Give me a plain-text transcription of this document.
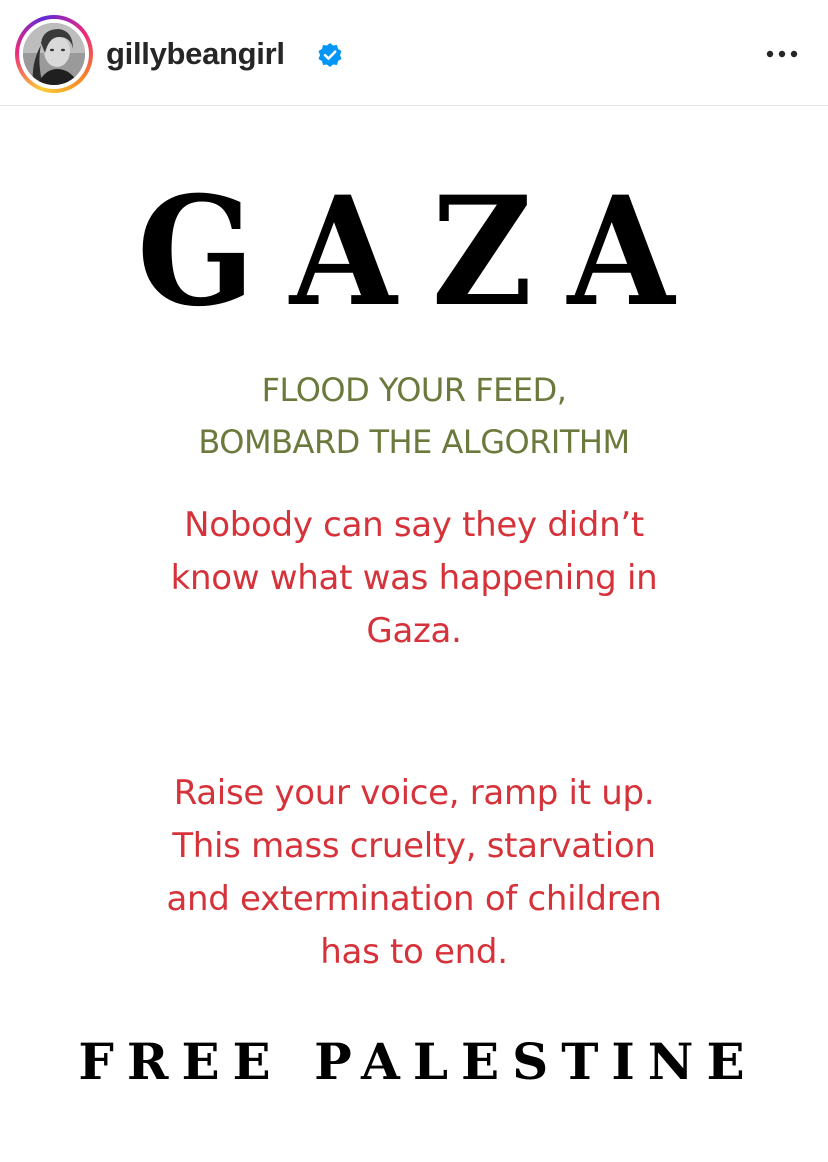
gillybeangirl
GAZA
FLOOD YOUR FEED,
BOMBARD THE ALGORITHM
Nobody can say they didn’t
know what was happening in
Gaza.
Raise your voice, ramp it up.
This mass cruelty, starvation
and extermination of children
has to end.
FREE PALESTINE
